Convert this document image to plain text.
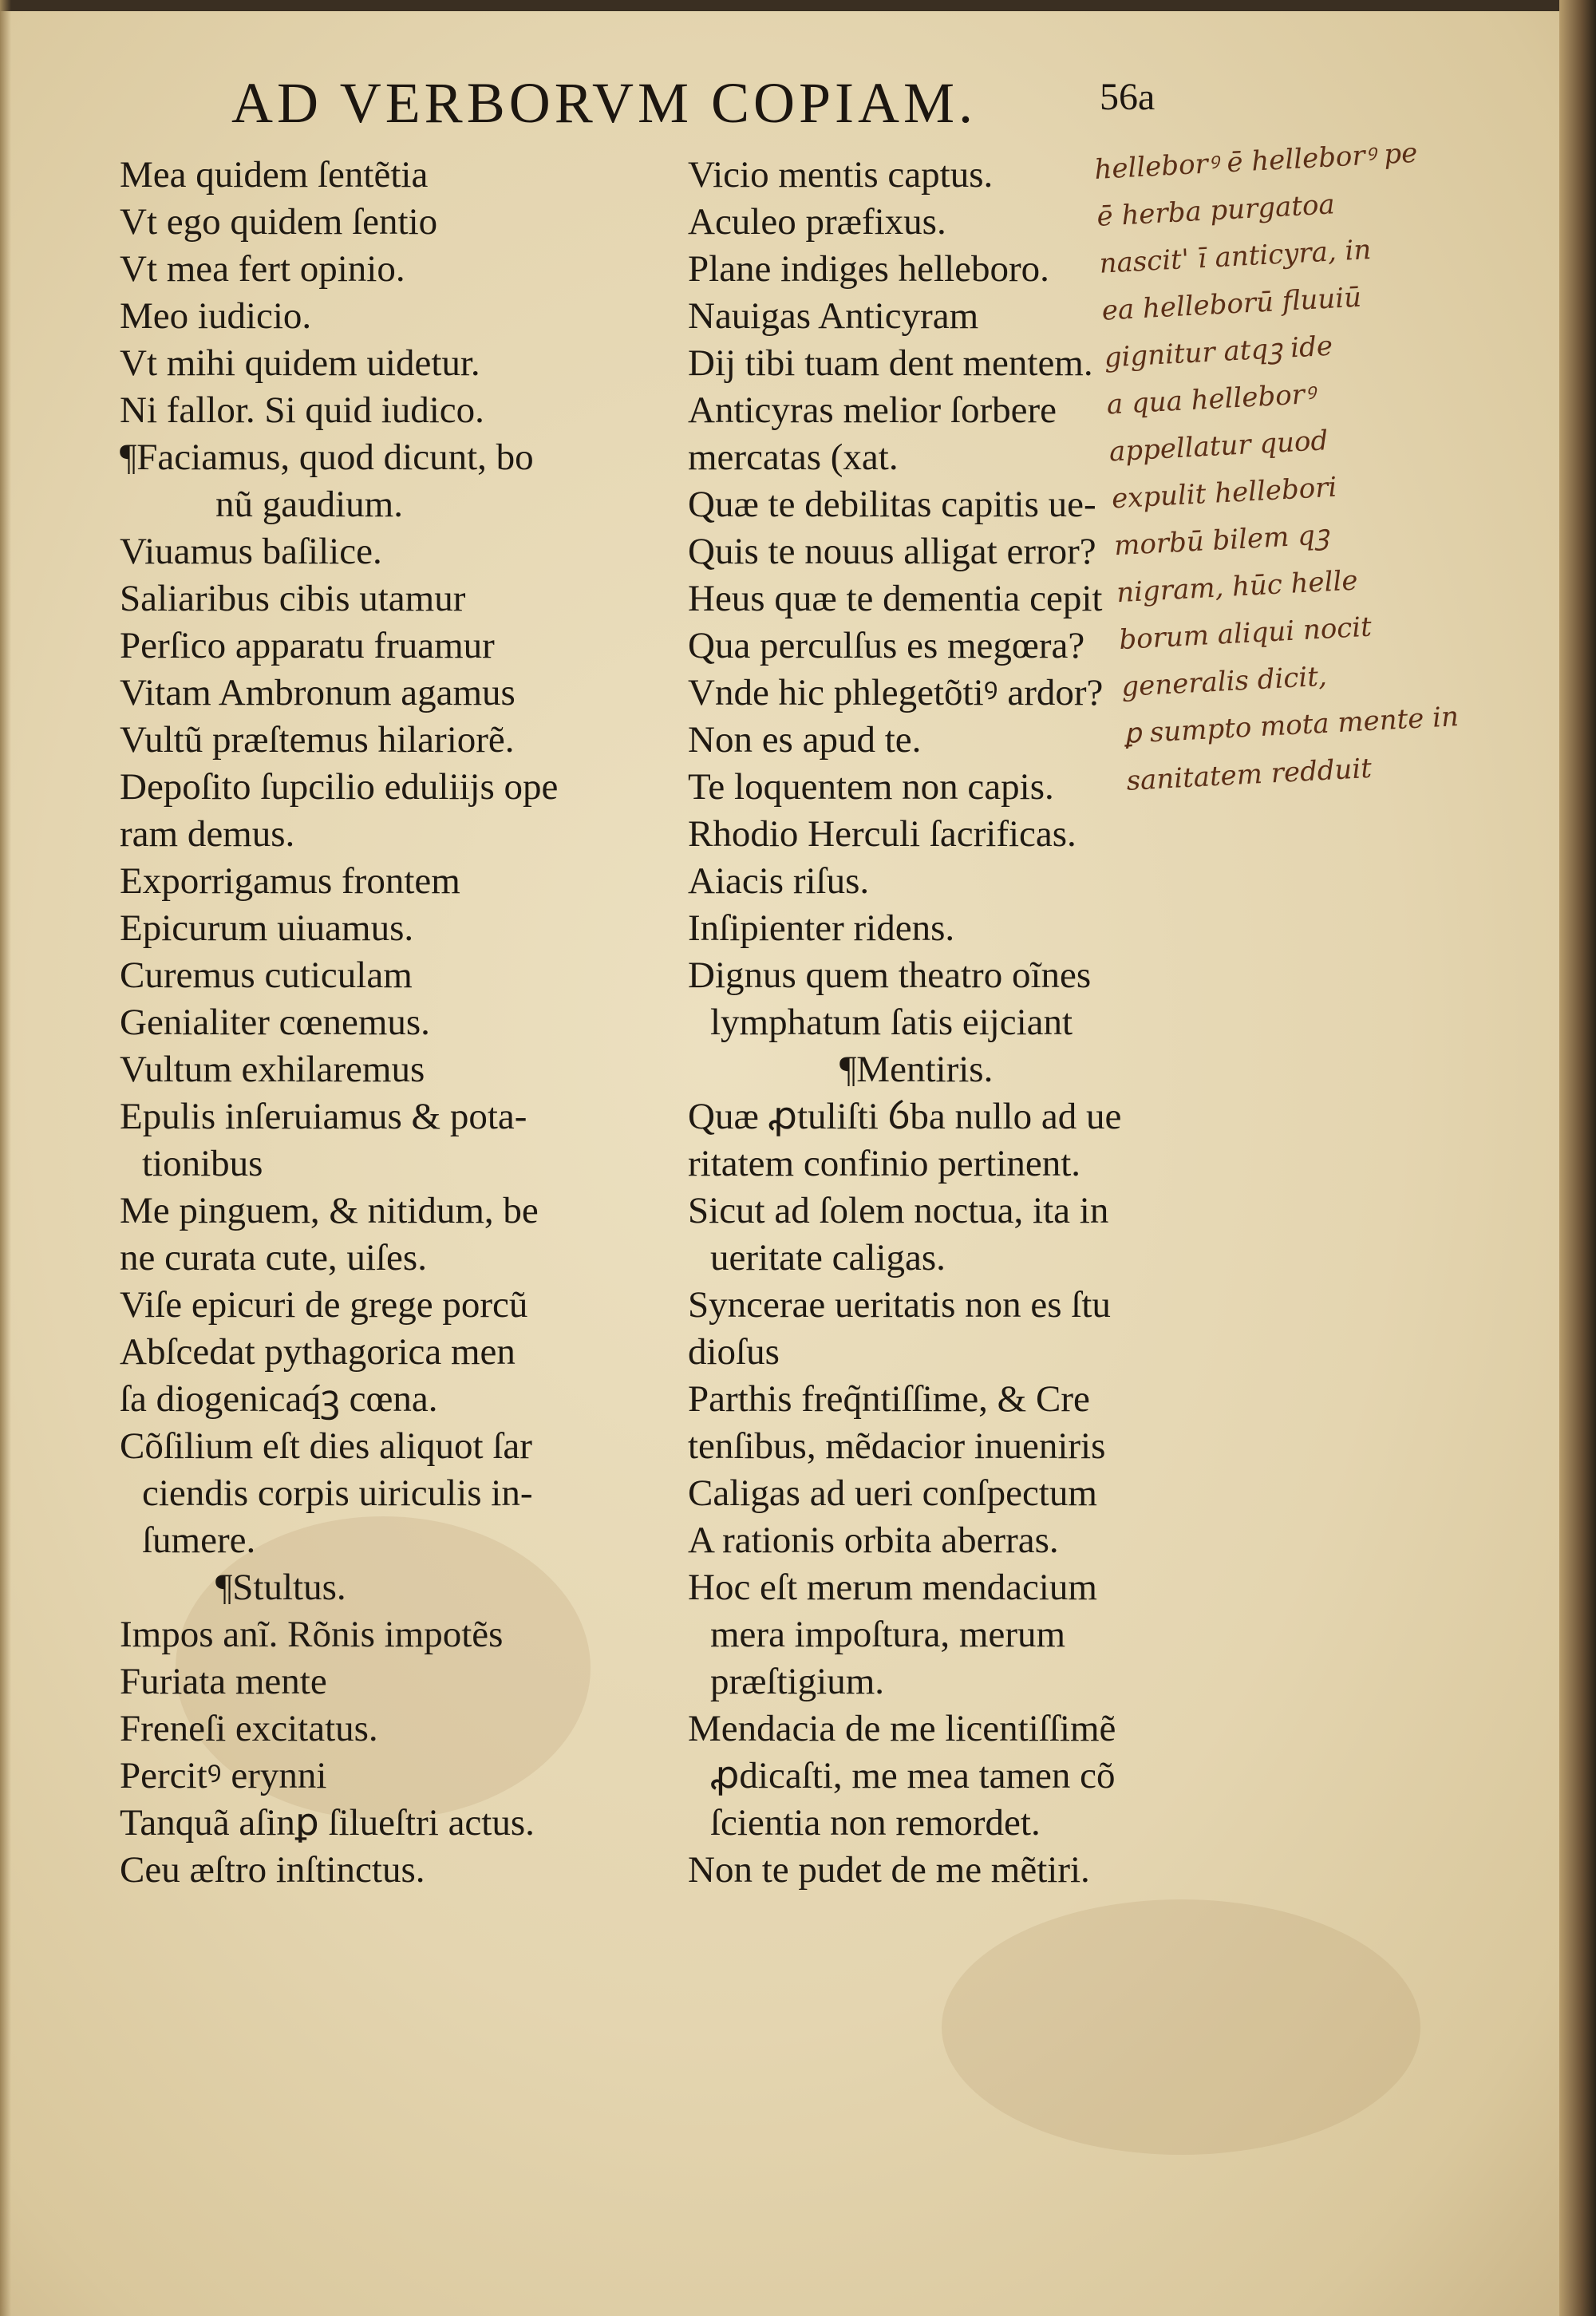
AD VERBORVM COPIAM.	56a
Mea quidem ſentẽtia
Vt ego quidem ſentio
Vt mea fert opinio.
Meo iudicio.
Vt mihi quidem uidetur.
Ni fallor. Si quid iudico.
¶Faciamus, quod dicunt, bo
nũ gaudium.
Viuamus baſilice.
Saliaribus cibis utamur
Perſico apparatu fruamur
Vitam Ambronum agamus
Vultũ præſtemus hilariorẽ.
Depoſito ſupcilio eduliĳs ope
ram demus.
Exporrigamus frontem
Epicurum uiuamus.
Curemus cuticulam
Genialiter cœnemus.
Vultum exhilaremus
Epulis inſeruiamus & pota-
tionibus
Me pinguem, & nitidum, be
ne curata cute, uiſes.
Viſe epicuri de grege porcũ
Abſcedat pythagorica men
ſa diogenicaq́ꝫ cœna.
Cõſilium eſt dies aliquot ſar
ciendis corpis uiriculis in-
ſumere.
¶Stultus.
Impos anĩ. Rõnis impotẽs
Furiata mente
Freneſi excitatus.
Percitꝰ erynni
Tanquã aſinꝑ ſilueſtri actus.
Ceu æſtro inſtinctus.
Vicio mentis captus.
Aculeo præfixus.
Plane indiges helleboro.
Nauigas Anticyram
Dĳ tibi tuam dent mentem.
Anticyras melior ſorbere
mercatas (xat.
Quæ te debilitas capitis ue-
Quis te nouus alligat error?
Heus quæ te dementia cepit
Qua perculſus es megœra?
Vnde hic phlegetõtiꝰ ardor?
Non es apud te.
Te loquentem non capis.
Rhodio Herculi ſacrificas.
Aiacis riſus.
Inſipienter ridens.
Dignus quem theatro oĩnes
lymphatum ſatis eĳciant
¶Mentiris.
Quæ ꝓtuliſti ỽba nullo ad ue
ritatem confinio pertinent.
Sicut ad ſolem noctua, ita in
ueritate caligas.
Syncerae ueritatis non es ſtu
dioſus
Parthis freq̃ntiſſime, & Cre
tenſibus, mẽdacior inueniris
Caligas ad ueri conſpectum
A rationis orbita aberras.
Hoc eſt merum mendacium
mera impoſtura, merum
præſtigium.
Mendacia de me licentiſſimẽ
ꝓdicaſti, me mea tamen cõ
ſcientia non remordet.
Non te pudet de me mẽtiri.
helleborꝰ ē helleborꝰ pe
ē herba purgatoa
nascit' ī anticyra, in
ea helleborū fluuiū
gignitur atqꝫ ide
a qua helleborꝰ
appellatur quod
expulit hellebori
morbū bilem qꝫ
nigram, hūc helle
borum aliqui nocit
generalis dicit,
ꝑ sumpto mota mente in
sanitatem redduit
